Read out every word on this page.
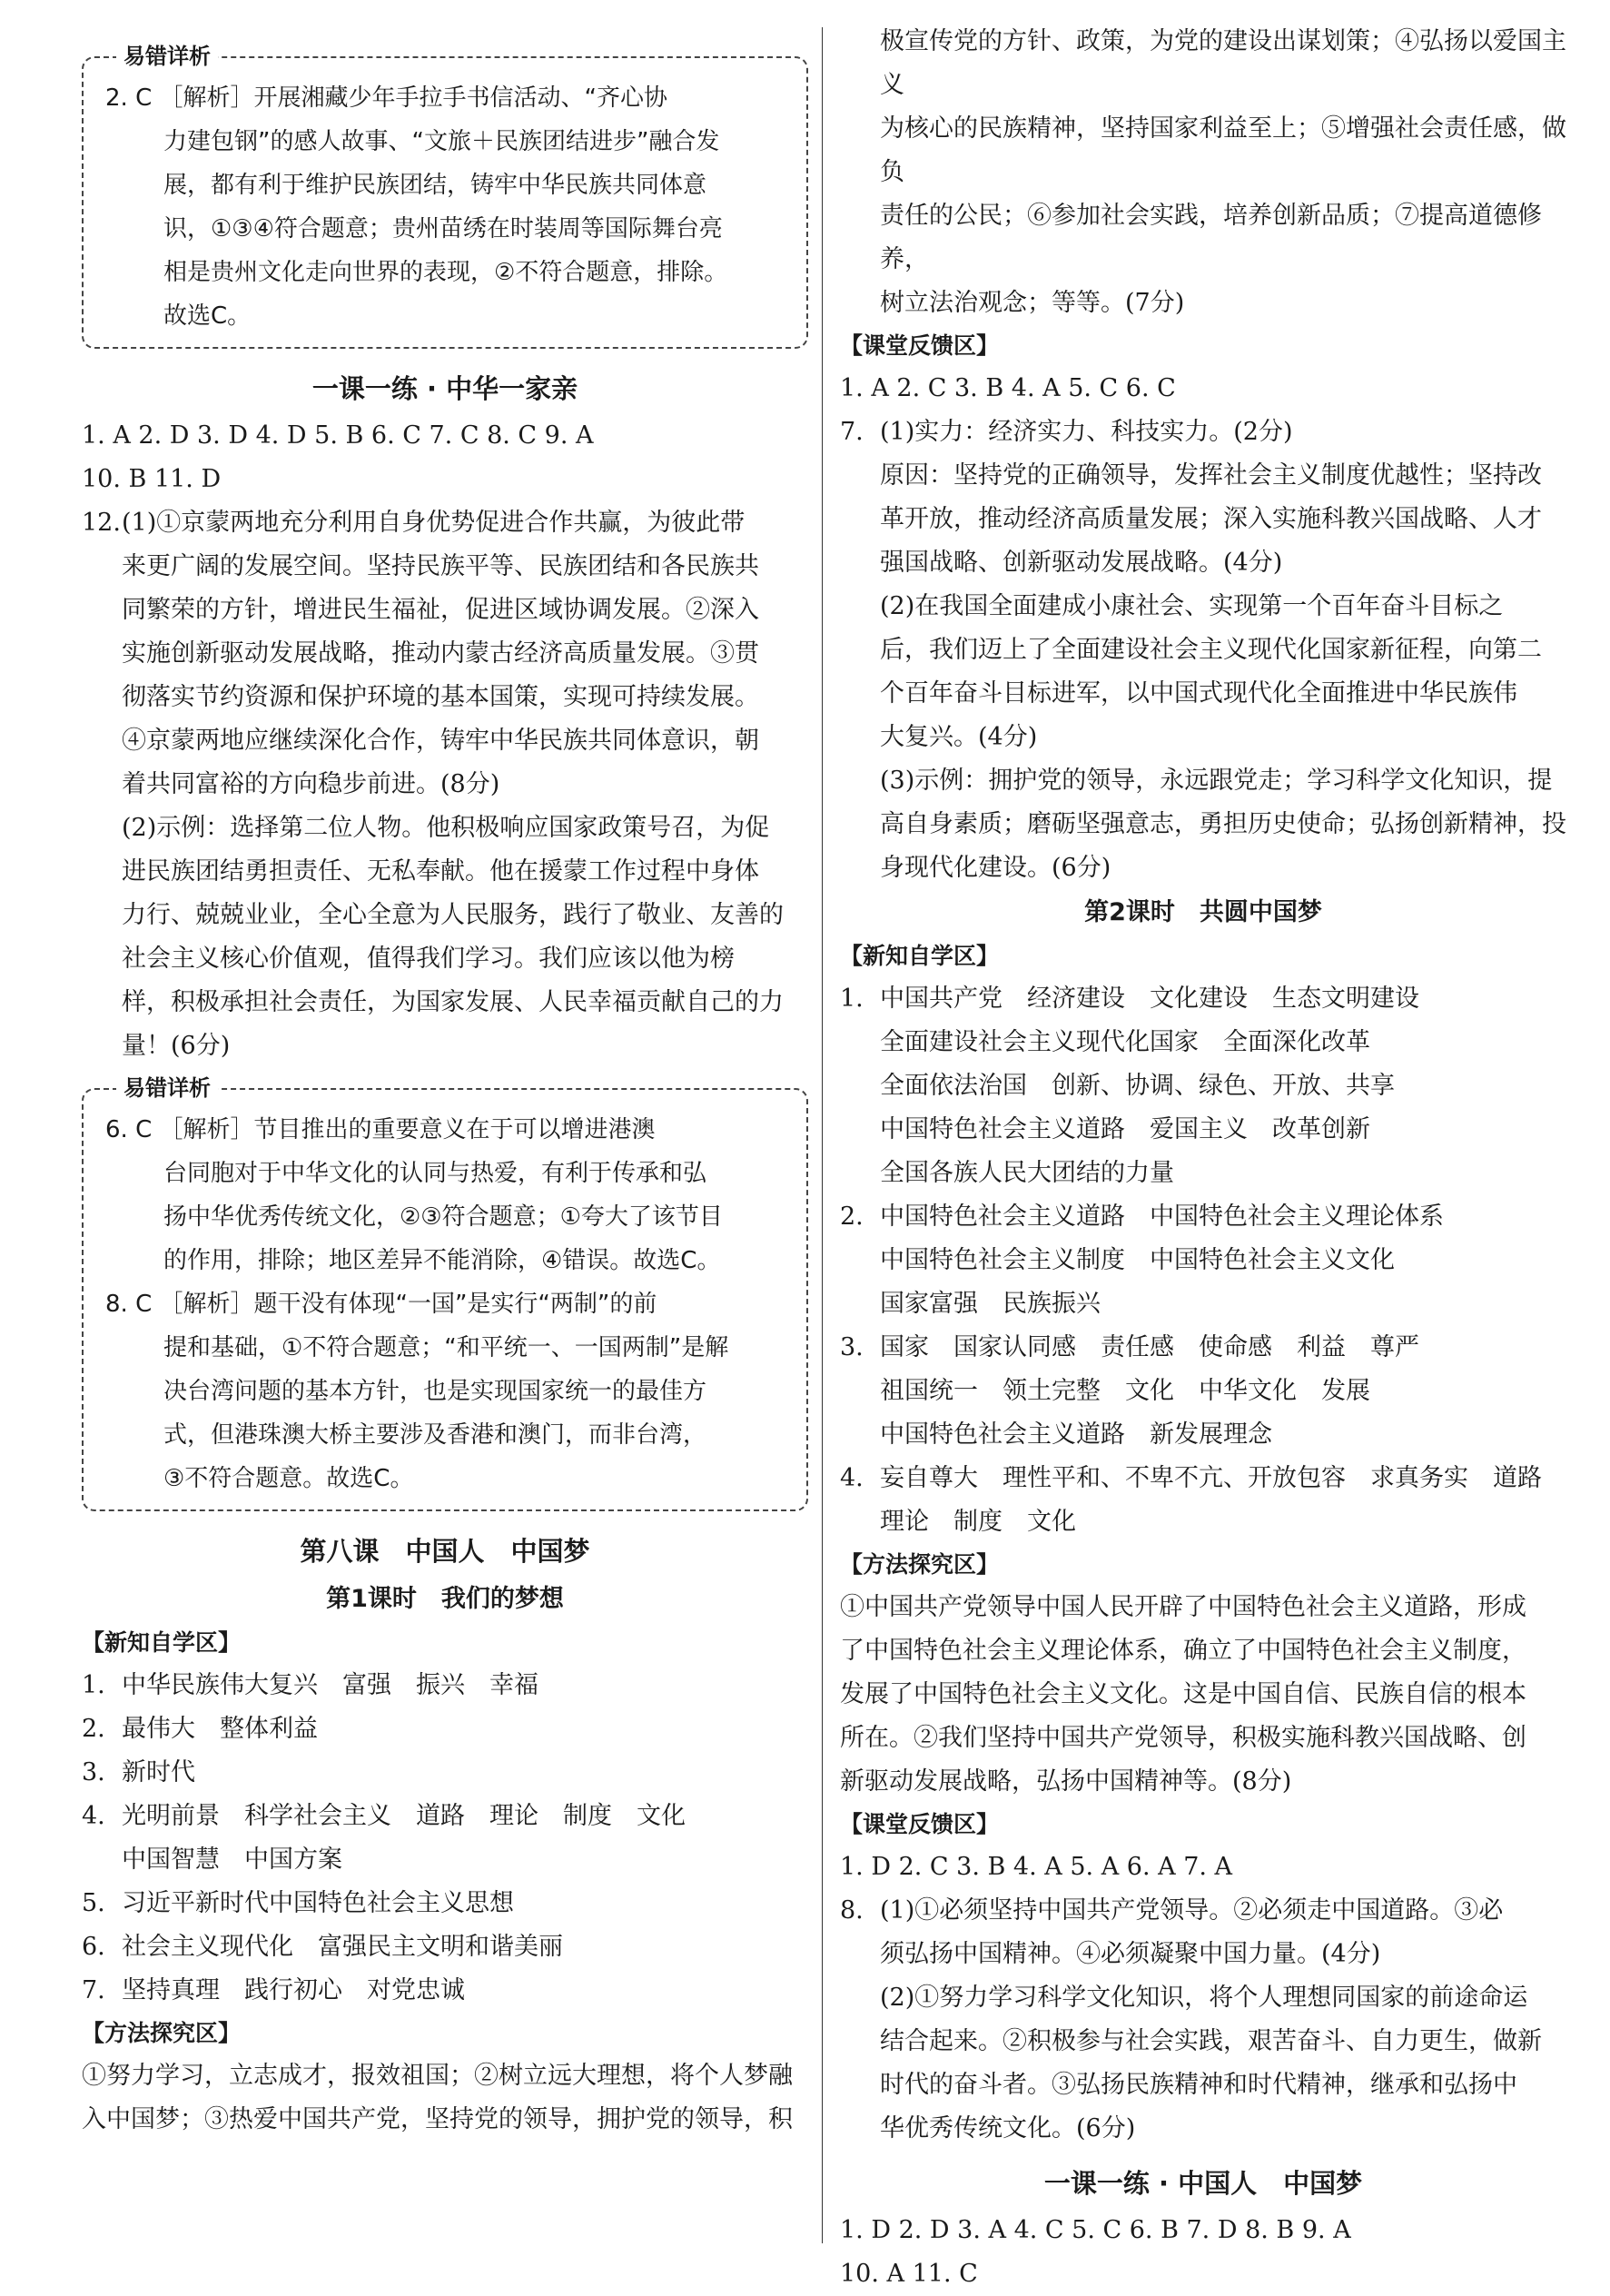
易错详析

2. C ［解析］开展湘藏少年手拉手书信活动、“齐心协

力建包钢”的感人故事、“文旅＋民族团结进步”融合发

展，都有利于维护民族团结，铸牢中华民族共同体意

识，①③④符合题意；贵州苗绣在时装周等国际舞台亮

相是贵州文化走向世界的表现，②不符合题意，排除。

故选C。

一课一练 · 中华一家亲

1. A 2. D 3. D 4. D 5. B 6. C 7. C 8. C 9. A

10. B 11. D

12. (1)①京蒙两地充分利用自身优势促进合作共赢，为彼此带

来更广阔的发展空间。坚持民族平等、民族团结和各民族共

同繁荣的方针，增进民生福祉，促进区域协调发展。②深入

实施创新驱动发展战略，推动内蒙古经济高质量发展。③贯

彻落实节约资源和保护环境的基本国策，实现可持续发展。

④京蒙两地应继续深化合作，铸牢中华民族共同体意识，朝

着共同富裕的方向稳步前进。(8分)

(2)示例：选择第二位人物。他积极响应国家政策号召，为促

进民族团结勇担责任、无私奉献。他在援蒙工作过程中身体

力行、兢兢业业，全心全意为人民服务，践行了敬业、友善的

社会主义核心价值观，值得我们学习。我们应该以他为榜

样，积极承担社会责任，为国家发展、人民幸福贡献自己的力

量！(6分)

易错详析

6. C ［解析］节目推出的重要意义在于可以增进港澳

台同胞对于中华文化的认同与热爱，有利于传承和弘

扬中华优秀传统文化，②③符合题意；①夸大了该节目

的作用，排除；地区差异不能消除，④错误。故选C。

8. C ［解析］题干没有体现“一国”是实行“两制”的前

提和基础，①不符合题意；“和平统一、一国两制”是解

决台湾问题的基本方针，也是实现国家统一的最佳方

式，但港珠澳大桥主要涉及香港和澳门，而非台湾，

③不符合题意。故选C。

第八课　中国人　中国梦
第1课时　我们的梦想
【新知自学区】
1. 中华民族伟大复兴　富强　振兴　幸福

2. 最伟大　整体利益

3. 新时代

4. 光明前景　科学社会主义　道路　理论　制度　文化

中国智慧　中国方案

5. 习近平新时代中国特色社会主义思想

6. 社会主义现代化　富强民主文明和谐美丽

7. 坚持真理　践行初心　对党忠诚

【方法探究区】

①努力学习，立志成才，报效祖国；②树立远大理想，将个人梦融

入中国梦；③热爱中国共产党，坚持党的领导，拥护党的领导，积

极宣传党的方针、政策，为党的建设出谋划策；④弘扬以爱国主义

为核心的民族精神，坚持国家利益至上；⑤增强社会责任感，做负

责任的公民；⑥参加社会实践，培养创新品质；⑦提高道德修养，

树立法治观念；等等。(7分)

【课堂反馈区】

1. A 2. C 3. B 4. A 5. C 6. C

7. (1)实力：经济实力、科技实力。(2分)

原因：坚持党的正确领导，发挥社会主义制度优越性；坚持改

革开放，推动经济高质量发展；深入实施科教兴国战略、人才

强国战略、创新驱动发展战略。(4分)

(2)在我国全面建成小康社会、实现第一个百年奋斗目标之

后，我们迈上了全面建设社会主义现代化国家新征程，向第二

个百年奋斗目标进军，以中国式现代化全面推进中华民族伟

大复兴。(4分)

(3)示例：拥护党的领导，永远跟党走；学习科学文化知识，提

高自身素质；磨砺坚强意志，勇担历史使命；弘扬创新精神，投

身现代化建设。(6分)

第2课时　共圆中国梦
【新知自学区】
1. 中国共产党　经济建设　文化建设　生态文明建设

全面建设社会主义现代化国家　全面深化改革

全面依法治国　创新、协调、绿色、开放、共享

中国特色社会主义道路　爱国主义　改革创新

全国各族人民大团结的力量

2. 中国特色社会主义道路　中国特色社会主义理论体系

中国特色社会主义制度　中国特色社会主义文化

国家富强　民族振兴

3. 国家　国家认同感　责任感　使命感　利益　尊严

祖国统一　领土完整　文化　中华文化　发展

中国特色社会主义道路　新发展理念

4. 妄自尊大　理性平和、不卑不亢、开放包容　求真务实　道路

理论　制度　文化

【方法探究区】

①中国共产党领导中国人民开辟了中国特色社会主义道路，形成

了中国特色社会主义理论体系，确立了中国特色社会主义制度，

发展了中国特色社会主义文化。这是中国自信、民族自信的根本

所在。②我们坚持中国共产党领导，积极实施科教兴国战略、创

新驱动发展战略，弘扬中国精神等。(8分)

【课堂反馈区】

1. D 2. C 3. B 4. A 5. A 6. A 7. A

8. (1)①必须坚持中国共产党领导。②必须走中国道路。③必

须弘扬中国精神。④必须凝聚中国力量。(4分)

(2)①努力学习科学文化知识，将个人理想同国家的前途命运

结合起来。②积极参与社会实践，艰苦奋斗、自力更生，做新

时代的奋斗者。③弘扬民族精神和时代精神，继承和弘扬中

华优秀传统文化。(6分)

一课一练 · 中国人　中国梦

1. D 2. D 3. A 4. C 5. C 6. B 7. D 8. B 9. A

10. A 11. C
